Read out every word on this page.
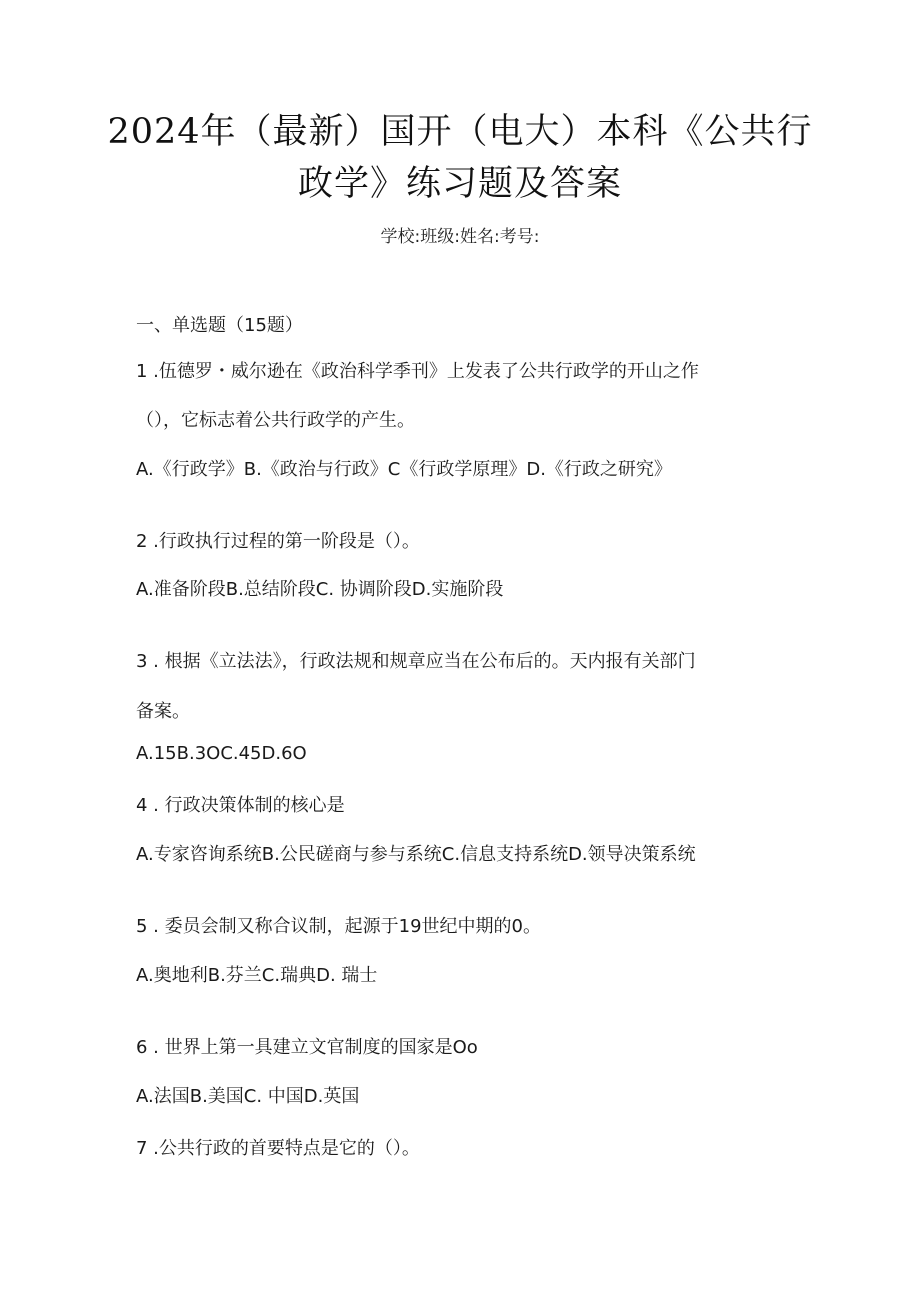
2024年（最新）国开（电大）本科《公共行
政学》练习题及答案
学校:班级:姓名:考号:
一、单选题（15题）
1 .伍德罗・威尔逊在《政治科学季刊》上发表了公共行政学的开山之作
（），它标志着公共行政学的产生。
A.《行政学》B.《政治与行政》C《行政学原理》D.《行政之研究》
2 .行政执行过程的第一阶段是（）。
A.准备阶段B.总结阶段C. 协调阶段D.实施阶段
3 . 根据《立法法》，行政法规和规章应当在公布后的。天内报有关部门
备案。
A.15B.3OC.45D.6O
4 . 行政决策体制的核心是
A.专家咨询系统B.公民磋商与参与系统C.信息支持系统D.领导决策系统
5 . 委员会制又称合议制，起源于19世纪中期的0。
A.奥地利B.芬兰C.瑞典D. 瑞士
6 . 世界上第一具建立文官制度的国家是Oo
A.法国B.美国C. 中国D.英国
7 .公共行政的首要特点是它的（）。
